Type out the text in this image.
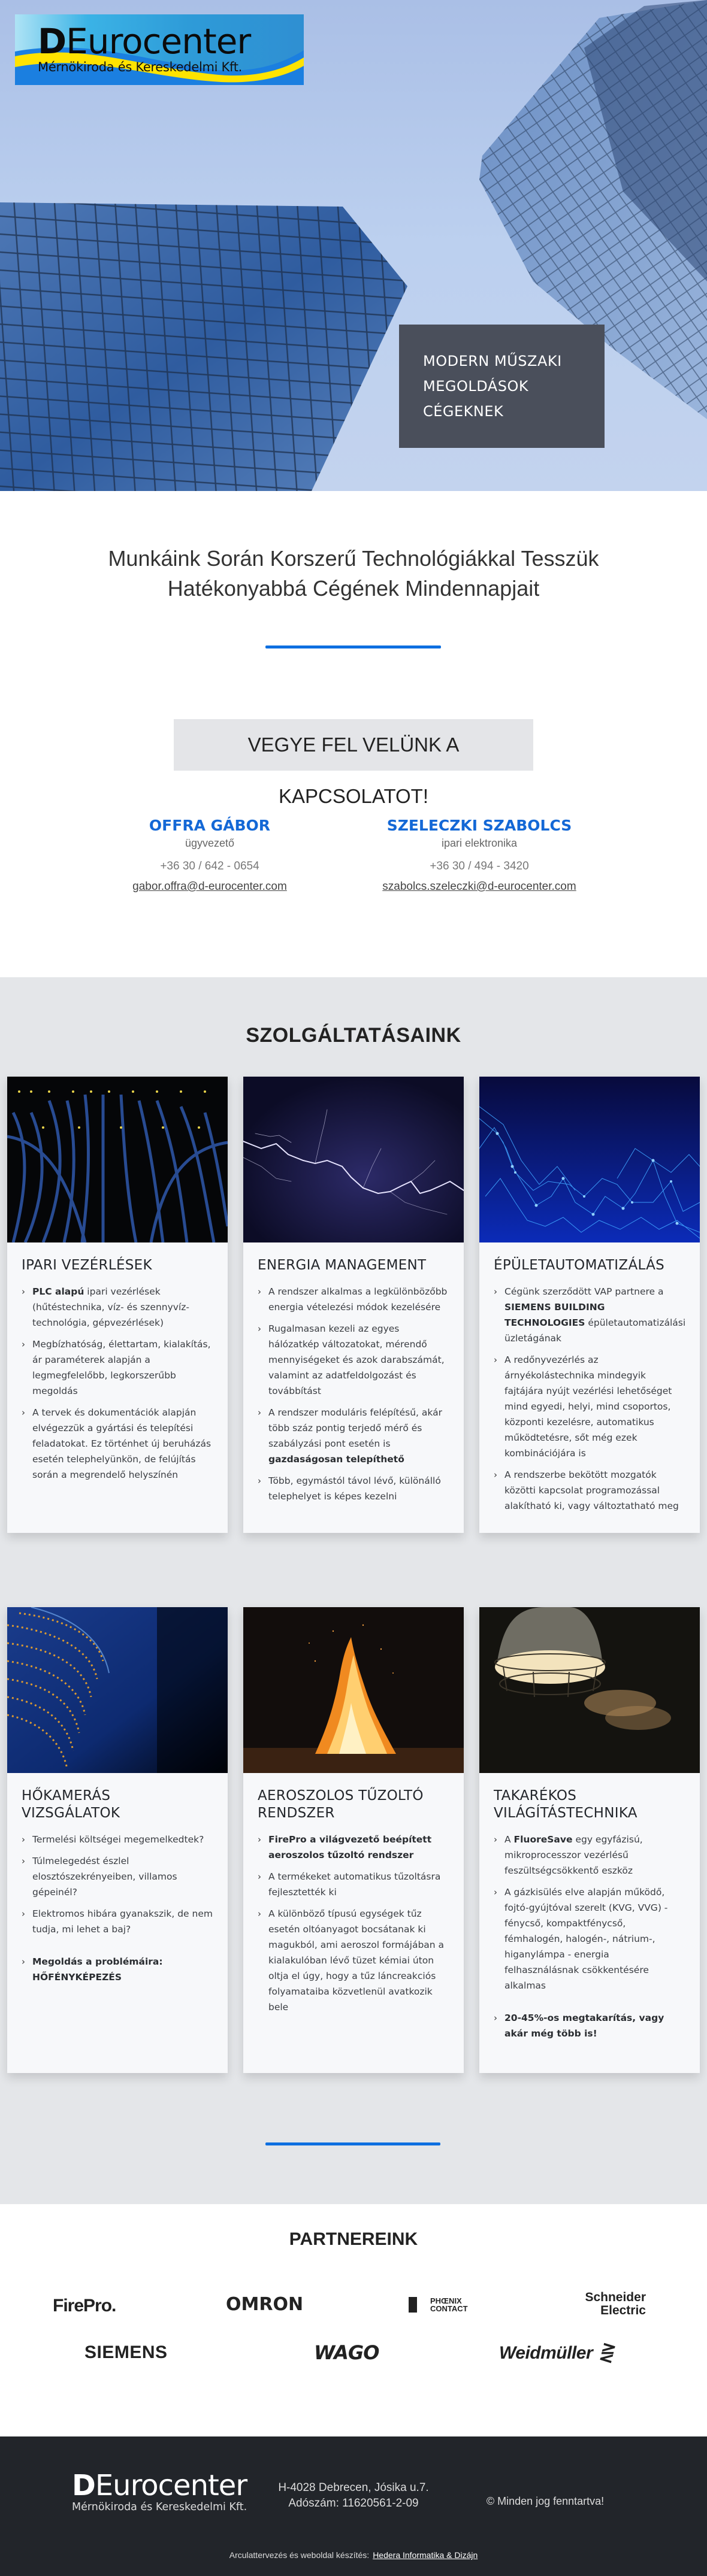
DEurocenter
Mérnökiroda és Kereskedelmi Kft.
MODERN MŰSZAKI
MEGOLDÁSOK
CÉGEKNEK
Munkáink Során Korszerű Technológiákkal Tesszük
Hatékonyabbá Cégének Mindennapjait
VEGYE FEL VELÜNK A KAPCSOLATOT!
OFFRA GÁBOR
ügyvezető
+36 30 / 642 - 0654
gabor.offra@d-eurocenter.com
SZELECZKI SZABOLCS
ipari elektronika
+36 30 / 494 - 3420
szabolcs.szeleczki@d-eurocenter.com
SZOLGÁLTATÁSAINK
IPARI VEZÉRLÉSEK
› PLC alapú ipari vezérlések (hűtéstechnika, víz- és szennyvíz-technológia, gépvezérlések)
› Megbízhatóság, élettartam, kialakítás, ár paraméterek alapján a legmegfelelőbb, legkorszerűbb megoldás
› A tervek és dokumentációk alapján elvégezzük a gyártási és telepítési feladatokat. Ez történhet új beruházás esetén telephelyünkön, de felújítás során a megrendelő helyszínén
ENERGIA MANAGEMENT
› A rendszer alkalmas a legkülönbözőbb energia vételezési módok kezelésére
› Rugalmasan kezeli az egyes hálózatkép változatokat, mérendő mennyiségeket és azok darabszámát, valamint az adatfeldolgozást és továbbítást
› A rendszer moduláris felépítésű, akár több száz pontig terjedő mérő és szabályzási pont esetén is gazdaságosan telepíthető
› Több, egymástól távol lévő, különálló telephelyet is képes kezelni
ÉPÜLETAUTOMATIZÁLÁS
› Cégünk szerződött VAP partnere a SIEMENS BUILDING TECHNOLOGIES épületautomatizálási üzletágának
› A redőnyvezérlés az árnyékolástechnika mindegyik fajtájára nyújt vezérlési lehetőséget mind egyedi, helyi, mind csoportos, központi kezelésre, automatikus működtetésre, sőt még ezek kombinációjára is
› A rendszerbe bekötött mozgatók közötti kapcsolat programozással alakítható ki, vagy változtatható meg
HŐKAMERÁS VIZSGÁLATOK
› Termelési költségei megemelkedtek?
› Túlmelegedést észlel elosztószekrényeiben, villamos gépeinél?
› Elektromos hibára gyanakszik, de nem tudja, mi lehet a baj?
› Megoldás a problémáira: HŐFÉNYKÉPEZÉS
AEROSZOLOS TŰZOLTÓ RENDSZER
› FirePro a világvezető beépített aeroszolos tűzoltó rendszer
› A termékeket automatikus tűzoltásra fejlesztették ki
› A különböző típusú egységek tűz esetén oltóanyagot bocsátanak ki magukból, ami aeroszol formájában a kialakulóban lévő tüzet kémiai úton oltja el úgy, hogy a tűz láncreakciós folyamataiba közvetlenül avatkozik bele
TAKARÉKOS VILÁGÍTÁSTECHNIKA
› A FluoreSave egy egyfázisú, mikroprocesszor vezérlésű feszültségcsökkentő eszköz
› A gázkisülés elve alapján működő, fojtó-gyújtóval szerelt (KVG, VVG) - fénycső, kompaktfénycső, fémhalogén, halogén-, nátrium-, higanylámpa - energia felhasználásnak csökkentésére alkalmas
› 20-45%-os megtakarítás, vagy akár még több is!
PARTNEREINK
FirePro.	OMRON	PHŒNIX CONTACT
Schneider Electric
SIEMENS	WAGO	Weidmüller ⋛
DEurocenter
Mérnökiroda és Kereskedelmi Kft.
H-4028 Debrecen, Jósika u.7.
Adószám: 11620561-2-09	© Minden jog fenntartva!
Arculattervezés és weboldal készítés: Hedera Informatika & Dizájn
